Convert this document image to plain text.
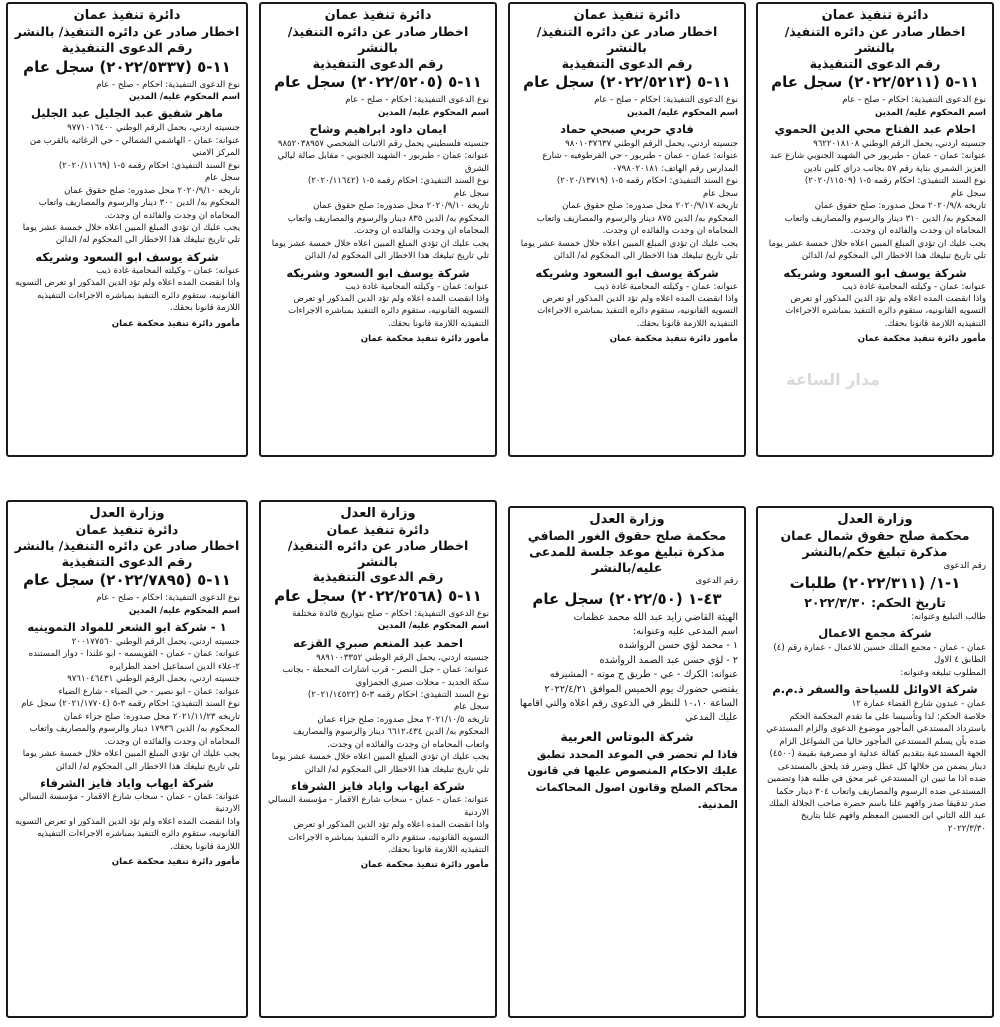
دائرة تنفيذ عمان
اخطار صادر عن دائره التنفيذ/ بالنشر
رقم الدعوى التنفيذية
١١-٥ (٢٠٢٢/٥٢١١) سجل عام
نوع الدعوى التنفيذية: احكام - صلح - عام
اسم المحكوم عليه/ المدين
احلام عبد الفتاح محي الدين الحموي
جنسيته اردني، يحمل الرقم الوطني ٩٦٢٢٠١٨١٠٨
عنوانه: عمان - عمان - طبربور حي الشهيد الجنوبي شارع عبد العزيز الشمري بناية رقم ٥٧ بجانب دراي كلين نادين
نوع السند التنفيذي: احكام رقمه ٥-١ (٢٠٢٠/١١٥٠٩)
سجل عام
تاريخه ٢٠٢٠/٩/٨ محل صدوره: صلح حقوق عمان
المحكوم به/ الدين ٣١٠ دينار والرسوم والمصاريف واتعاب المحاماه ان وجدت والفائده ان وجدت.
يجب عليك ان تؤدي المبلغ المبين اعلاه خلال خمسة عشر يوما تلي تاريخ تبليغك هذا الاخطار الى المحكوم له/ الدائن
شركة يوسف ابو السعود وشريكه
عنوانه: عمان - وكيلته المحامية غادة ذيب
واذا انقضت المده اعلاه ولم تؤد الدين المذكور او تعرض التسويه القانونيه، ستقوم دائره التنفيذ بمباشره الاجراءات التنفيذيه اللازمة قانونا بحقك.
مأمور دائرة تنفيذ محكمة عمان
دائرة تنفيذ عمان
اخطار صادر عن دائره التنفيذ/ بالنشر
رقم الدعوى التنفيذية
١١-٥ (٢٠٢٢/٥٢١٣) سجل عام
نوع الدعوى التنفيذية: احكام - صلح - عام
اسم المحكوم عليه/ المدين
فادي حربي صبحي حماد
جنسيته اردني، يحمل الرقم الوطني ٩٨٠١٠٣٧٦٣٧
عنوانه: عمان - عمان - طبربور - حي القرطوفيه - شارع المدارس رقم الهاتف: ٠٧٩٨٠٢٠١٨١
نوع السند التنفيذي: احكام رقمه ٥-١ (٢٠٢٠/١٣٧١٩)
سجل عام
تاريخه ٢٠٢٠/٩/١٧ محل صدوره: صلح حقوق عمان
المحكوم به/ الدين ٨٧٥ دينار والرسوم والمصاريف واتعاب المحاماه ان وجدت والفائده ان وجدت.
يجب عليك ان تؤدي المبلغ المبين اعلاه خلال خمسة عشر يوما تلي تاريخ تبليغك هذا الاخطار الى المحكوم له/ الدائن
شركة يوسف ابو السعود وشريكه
عنوانه: عمان - وكيلته المحامية غادة ذيب
واذا انقضت المده اعلاه ولم تؤد الدين المذكور او تعرض التسويه القانونيه، ستقوم دائره التنفيذ بمباشره الاجراءات التنفيذيه اللازمة قانونا بحقك.
مأمور دائرة تنفيذ محكمة عمان
دائرة تنفيذ عمان
اخطار صادر عن دائره التنفيذ/ بالنشر
رقم الدعوى التنفيذية
١١-٥ (٢٠٢٢/٥٢٠٥) سجل عام
نوع الدعوى التنفيذية: احكام - صلح - عام
اسم المحكوم عليه/ المدين
ايمان داود ابراهيم وشاح
جنسيته فلسطيني يحمل رقم الاثبات الشخصي ٩٨٥٢٠٣٨٩٥٧
عنوانه: عمان - طبربور - الشهيد الجنوبي - مقابل صالة ليالي الشرق
نوع السند التنفيذي: احكام رقمه ٥-١ (٢٠٢٠/١١٦٤٢)
سجل عام
تاريخه ٢٠٢٠/٩/١٠ محل صدوره: صلح حقوق عمان
المحكوم به/ الدين ٨٣٥ دينار والرسوم والمصاريف واتعاب المحاماه ان وجدت والفائده ان وجدت.
يجب عليك ان تؤدي المبلغ المبين اعلاه خلال خمسة عشر يوما تلي تاريخ تبليغك هذا الاخطار الى المحكوم له/ الدائن
شركة يوسف ابو السعود وشريكه
عنوانه: عمان - وكيلته المحامية غادة ذيب
واذا انقضت المده اعلاه ولم تؤد الدين المذكور او تعرض التسويه القانونيه، ستقوم دائره التنفيذ بمباشره الاجراءات التنفيذيه اللازمة قانونا بحقك.
مأمور دائرة تنفيذ محكمة عمان
دائرة تنفيذ عمان
اخطار صادر عن دائره التنفيذ/ بالنشر
رقم الدعوى التنفيذية
١١-٥ (٢٠٢٢/٥٣٣٧) سجل عام
نوع الدعوى التنفيذية: احكام - صلح - عام
اسم المحكوم عليه/ المدين
ماهر شفيق عبد الجليل عبد الجليل
جنسيته اردني، يحمل الرقم الوطني ٩٧٧١٠١٦٤٠٠
عنوانه: عمان - الهاشمي الشمالي - حي الرغاثيه بالقرب من المركز الامني
نوع السند التنفيذي: احكام رقمه ٥-١ (٢٠٢٠/١١١٦٩)
سجل عام
تاريخه ٢٠٢٠/٩/١٠ محل صدوره: صلح حقوق عمان
المحكوم به/ الدين ٣٠٠ دينار والرسوم والمصاريف واتعاب المحاماه ان وجدت والفائده ان وجدت.
يجب عليك ان تؤدي المبلغ المبين اعلاه خلال خمسة عشر يوما تلي تاريخ تبليغك هذا الاخطار الى المحكوم له/ الدائن
شركة يوسف ابو السعود وشريكه
عنوانه: عمان - وكيلته المحامية غادة ذيب
واذا انقضت المده اعلاه ولم تؤد الدين المذكور او تعرض التسويه القانونيه، ستقوم دائره التنفيذ بمباشره الاجراءات التنفيذيه اللازمة قانونا بحقك.
مأمور دائرة تنفيذ محكمة عمان
وزارة العدل
محكمة صلح حقوق شمال عمان
مذكرة تبليغ حكم/بالنشر
رقم الدعوى
١-١/ (٢٠٢٢/٣١١) طلبات
تاريخ الحكم: ٢٠٢٢/٣/٣٠
طالب التبليغ وعنوانه:
شركة مجمع الاعمال
عمان - عمان - مجمع الملك حسين للاعمال - عمارة رقم (٤) الطابق ٤ الاول
المطلوب تبليغه وعنوانه:
شركة الاوائل للسياحة والسفر ذ.م.م
عمان - عبدون شارع القضاء عمارة ١٢
خلاصة الحكم: لذا وتأسيسا على ما تقدم المحكمة الحكم باسترداد المستدعي المأجور موضوع الدعوى والزام المستدعي ضده بأن يسلم المستدعي المأجور خاليا من الشواغل الزام الجهة المستدعية بتقديم كفالة عدلية او مصرفية بقيمة (٤٥٠٠) دينار يضمن من خلالها كل عطل وضرر قد يلحق بالمستدعى ضده اذا ما تبين ان المستدعي غير محق في طلبه هذا وتضمين المستدعى ضده الرسوم والمصاريف واتعاب ٣٠٤ دينار حكما صدر تدقيقا صدر وافهم علنا باسم حضرة صاحب الجلالة الملك عبد الله الثاني ابن الحسين المعظم وافهم علنا بتاريخ ٢٠٢٢/٣/٣٠
وزارة العدل
محكمة صلح حقوق الغور الصافي
مذكرة تبليغ موعد جلسة للمدعى عليه/بالنشر
رقم الدعوى
٤٣-١ (٢٠٢٢/٥٠) سجل عام
الهيئة القاضي زايد عبد الله محمد عظمات
اسم المدعى عليه وعنوانه:
١ - محمد لؤي حسن الرواشده
٢ - لؤي حسن عبد الصمد الرواشده
عنوانه: الكرك - عي - طريق ج موته - المشيرفه
يقتضي حضورك يوم الخميس الموافق ٢٠٢٢/٤/٢١ الساعة ١٠،١٠ للنظر في الدعوى رقم اعلاه والتي اقامها عليك المدعي
شركة البوتاس العربية
فاذا لم تحضر في الموعد المحدد تطبق عليك الاحكام المنصوص عليها في قانون محاكم الصلح وقانون اصول المحاكمات المدنية.
وزارة العدل
دائرة تنفيذ عمان
اخطار صادر عن دائره التنفيذ/ بالنشر
رقم الدعوى التنفيذية
١١-٥ (٢٠٢٢/٢٥٦٨) سجل عام
نوع الدعوى التنفيذية: احكام - صلح بتواريخ فائدة مختلفة
اسم المحكوم عليه/ المدين
احمد عبد المنعم صبري القزعه
جنسيته اردني، يحمل الرقم الوطني ٩٨٩١٠٠٣٣٥٢
عنوانه: عمان - جبل النصر - قرب اشارات المحطة - بجانب سكة الحديد - محلات صبري الجمزاوي
نوع السند التنفيذي: احكام رقمه ٣-٥ (٢٠٢١/١٤٥٢٢)
سجل عام
تاريخه ٢٠٢١/١٠/٥ محل صدوره: صلح جزاء عمان
المحكوم به/ الدين ٦٦١٢،٤٣٤ دينار والرسوم والمصاريف واتعاب المحاماه ان وجدت والفائده ان وجدت.
يجب عليك ان تؤدي المبلغ المبين اعلاه خلال خمسة عشر يوما تلي تاريخ تبليغك هذا الاخطار الى المحكوم له/ الدائن
شركة ايهاب واياد فايز الشرفاء
عنوانه: عمان - عمان - سحاب شارع الاقمار - مؤسسة النسالي الاردنية
واذا انقضت المده اعلاه ولم تؤد الدين المذكور او تعرض التسويه القانونيه، ستقوم دائره التنفيذ بمباشره الاجراءات التنفيذيه اللازمة قانونا بحقك.
مأمور دائرة تنفيذ محكمة عمان
وزارة العدل
دائرة تنفيذ عمان
اخطار صادر عن دائره التنفيذ/ بالنشر
رقم الدعوى التنفيذية
١١-٥ (٢٠٢٢/٧٨٩٥) سجل عام
نوع الدعوى التنفيذية: احكام - صلح - عام
اسم المحكوم عليه/ المدين
١ - شركة ابو الشعر للمواد التموينيه
جنسيته اردني، يحمل الرقم الوطني ٢٠٠١٧٧٥٦٠
عنوانه: عمان - عمان - القويسمه - ابو علندا - دوار المستنده
٢-علاء الدين اسماعيل احمد الطرايره
جنسيته اردني، يحمل الرقم الوطني ٩٧٦١٠٤٦٤٣١
عنوانه: عمان - ابو نصير - حي الضياء - شارع الضياء
نوع السند التنفيذي: احكام رقمه ٣-٥ (٢٠٢١/١٧٧٠٤) سجل عام تاريخه ٢٠٢١/١١/٢٣ محل صدوره: صلح جزاء عمان
المحكوم به/ الدين ١٧٩٣٦ دينار والرسوم والمصاريف واتعاب المحاماه ان وجدت والفائده ان وجدت.
يجب عليك ان تؤدي المبلغ المبين اعلاه خلال خمسة عشر يوما تلي تاريخ تبليغك هذا الاخطار الى المحكوم له/ الدائن
شركة ايهاب واياد فايز الشرفاء
عنوانه: عمان - عمان - سحاب شارع الاقمار - مؤسسة النسالي الاردنية
واذا انقضت المده اعلاه ولم تؤد الدين المذكور او تعرض التسويه القانونيه، ستقوم دائره التنفيذ بمباشره الاجراءات التنفيذيه اللازمة قانونا بحقك.
مأمور دائرة تنفيذ محكمة عمان
مدار الساعة
